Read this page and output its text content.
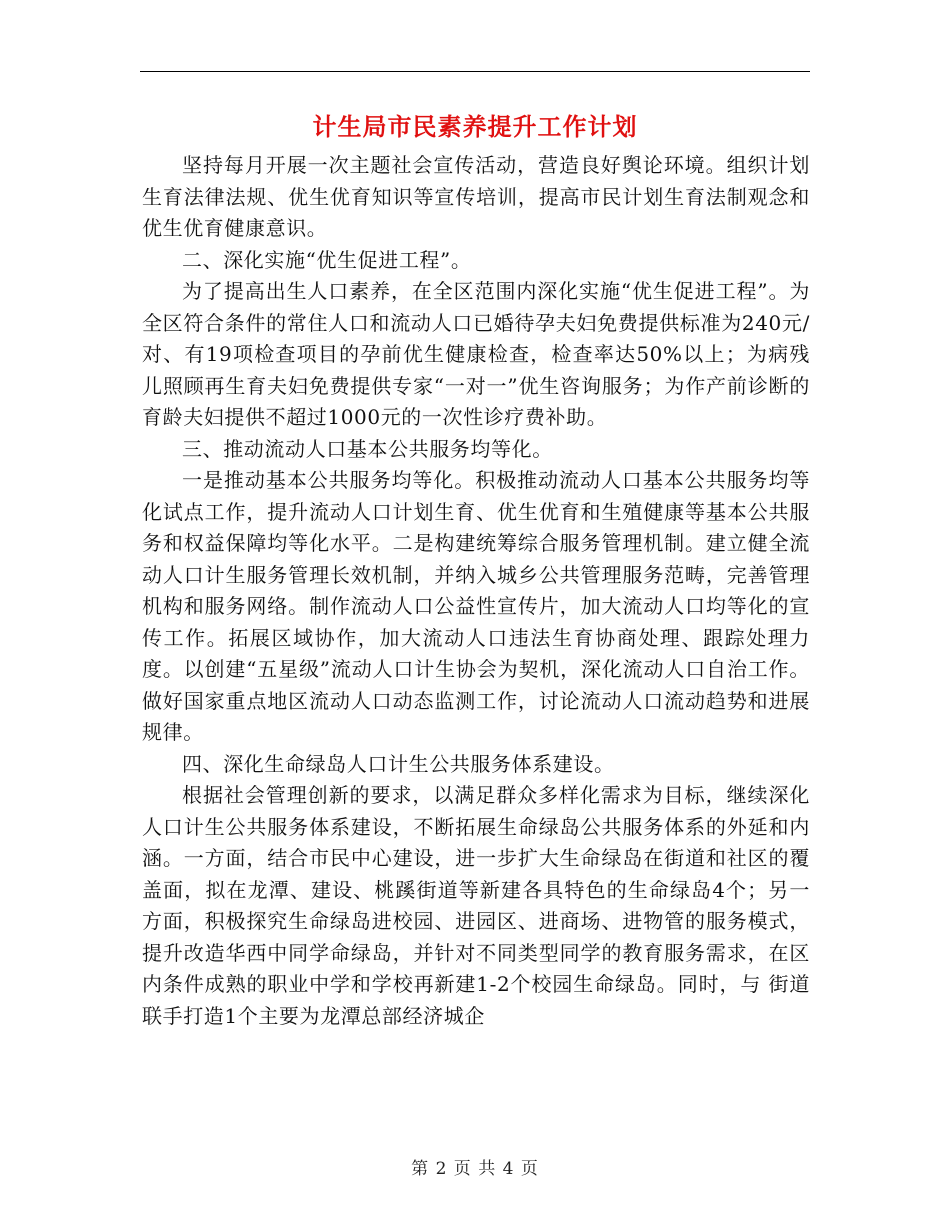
计生局市民素养提升工作计划

坚持每月开展一次主题社会宣传活动，营造良好舆论环境。组织计划生育法律法规、优生优育知识等宣传培训，提高市民计划生育法制观念和优生优育健康意识。

二、深化实施“优生促进工程”。

为了提高出生人口素养，在全区范围内深化实施“优生促进工程”。为全区符合条件的常住人口和流动人口已婚待孕夫妇免费提供标准为240元/对、有19项检查项目的孕前优生健康检查，检查率达50%以上；为病残儿照顾再生育夫妇免费提供专家“一对一”优生咨询服务；为作产前诊断的育龄夫妇提供不超过1000元的一次性诊疗费补助。

三、推动流动人口基本公共服务均等化。

一是推动基本公共服务均等化。积极推动流动人口基本公共服务均等化试点工作，提升流动人口计划生育、优生优育和生殖健康等基本公共服务和权益保障均等化水平。二是构建统筹综合服务管理机制。建立健全流动人口计生服务管理长效机制，并纳入城乡公共管理服务范畴，完善管理机构和服务网络。制作流动人口公益性宣传片，加大流动人口均等化的宣传工作。拓展区域协作，加大流动人口违法生育协商处理、跟踪处理力度。以创建“五星级”流动人口计生协会为契机，深化流动人口自治工作。做好国家重点地区流动人口动态监测工作，讨论流动人口流动趋势和进展规律。

四、深化生命绿岛人口计生公共服务体系建设。

根据社会管理创新的要求，以满足群众多样化需求为目标，继续深化人口计生公共服务体系建设，不断拓展生命绿岛公共服务体系的外延和内涵。一方面，结合市民中心建设，进一步扩大生命绿岛在街道和社区的覆盖面，拟在龙潭、建设、桃蹊街道等新建各具特色的生命绿岛4个；另一方面，积极探究生命绿岛进校园、进园区、进商场、进物管的服务模式，提升改造华西中同学命绿岛，并针对不同类型同学的教育服务需求，在区内条件成熟的职业中学和学校再新建1-2个校园生命绿岛。同时，与 街道联手打造1个主要为龙潭总部经济城企

第 2 页 共 4 页
